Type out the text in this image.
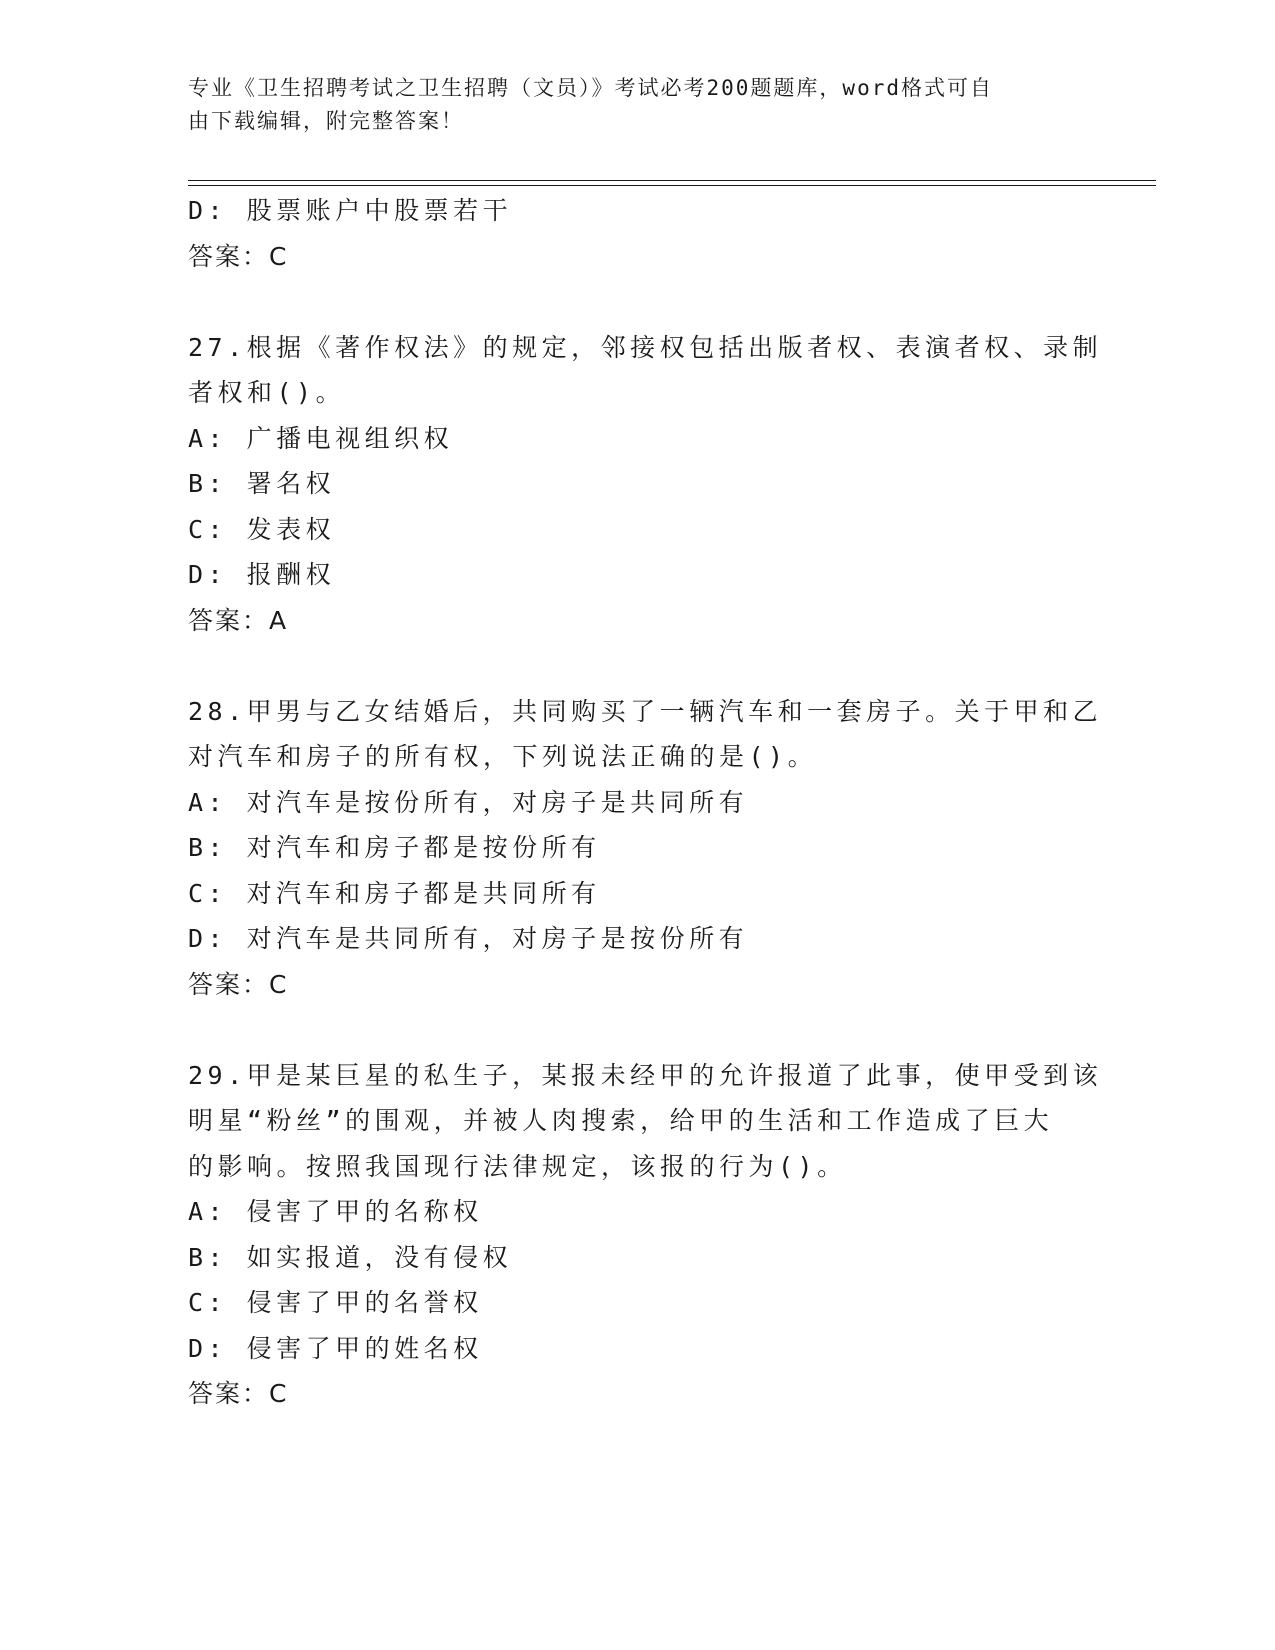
专业《卫生招聘考试之卫生招聘（文员）》考试必考200题题库，word格式可自
由下载编辑，附完整答案！
D: 股票账户中股票若干
答案：C
27.根据《著作权法》的规定，邻接权包括出版者权、表演者权、录制
者权和()。
A: 广播电视组织权
B: 署名权
C: 发表权
D: 报酬权
答案：A
28.甲男与乙女结婚后，共同购买了一辆汽车和一套房子。关于甲和乙
对汽车和房子的所有权，下列说法正确的是()。
A: 对汽车是按份所有，对房子是共同所有
B: 对汽车和房子都是按份所有
C: 对汽车和房子都是共同所有
D: 对汽车是共同所有，对房子是按份所有
答案：C
29.甲是某巨星的私生子，某报未经甲的允许报道了此事，使甲受到该
明星“粉丝”的围观，并被人肉搜索，给甲的生活和工作造成了巨大
的影响。按照我国现行法律规定，该报的行为()。
A: 侵害了甲的名称权
B: 如实报道，没有侵权
C: 侵害了甲的名誉权
D: 侵害了甲的姓名权
答案：C
